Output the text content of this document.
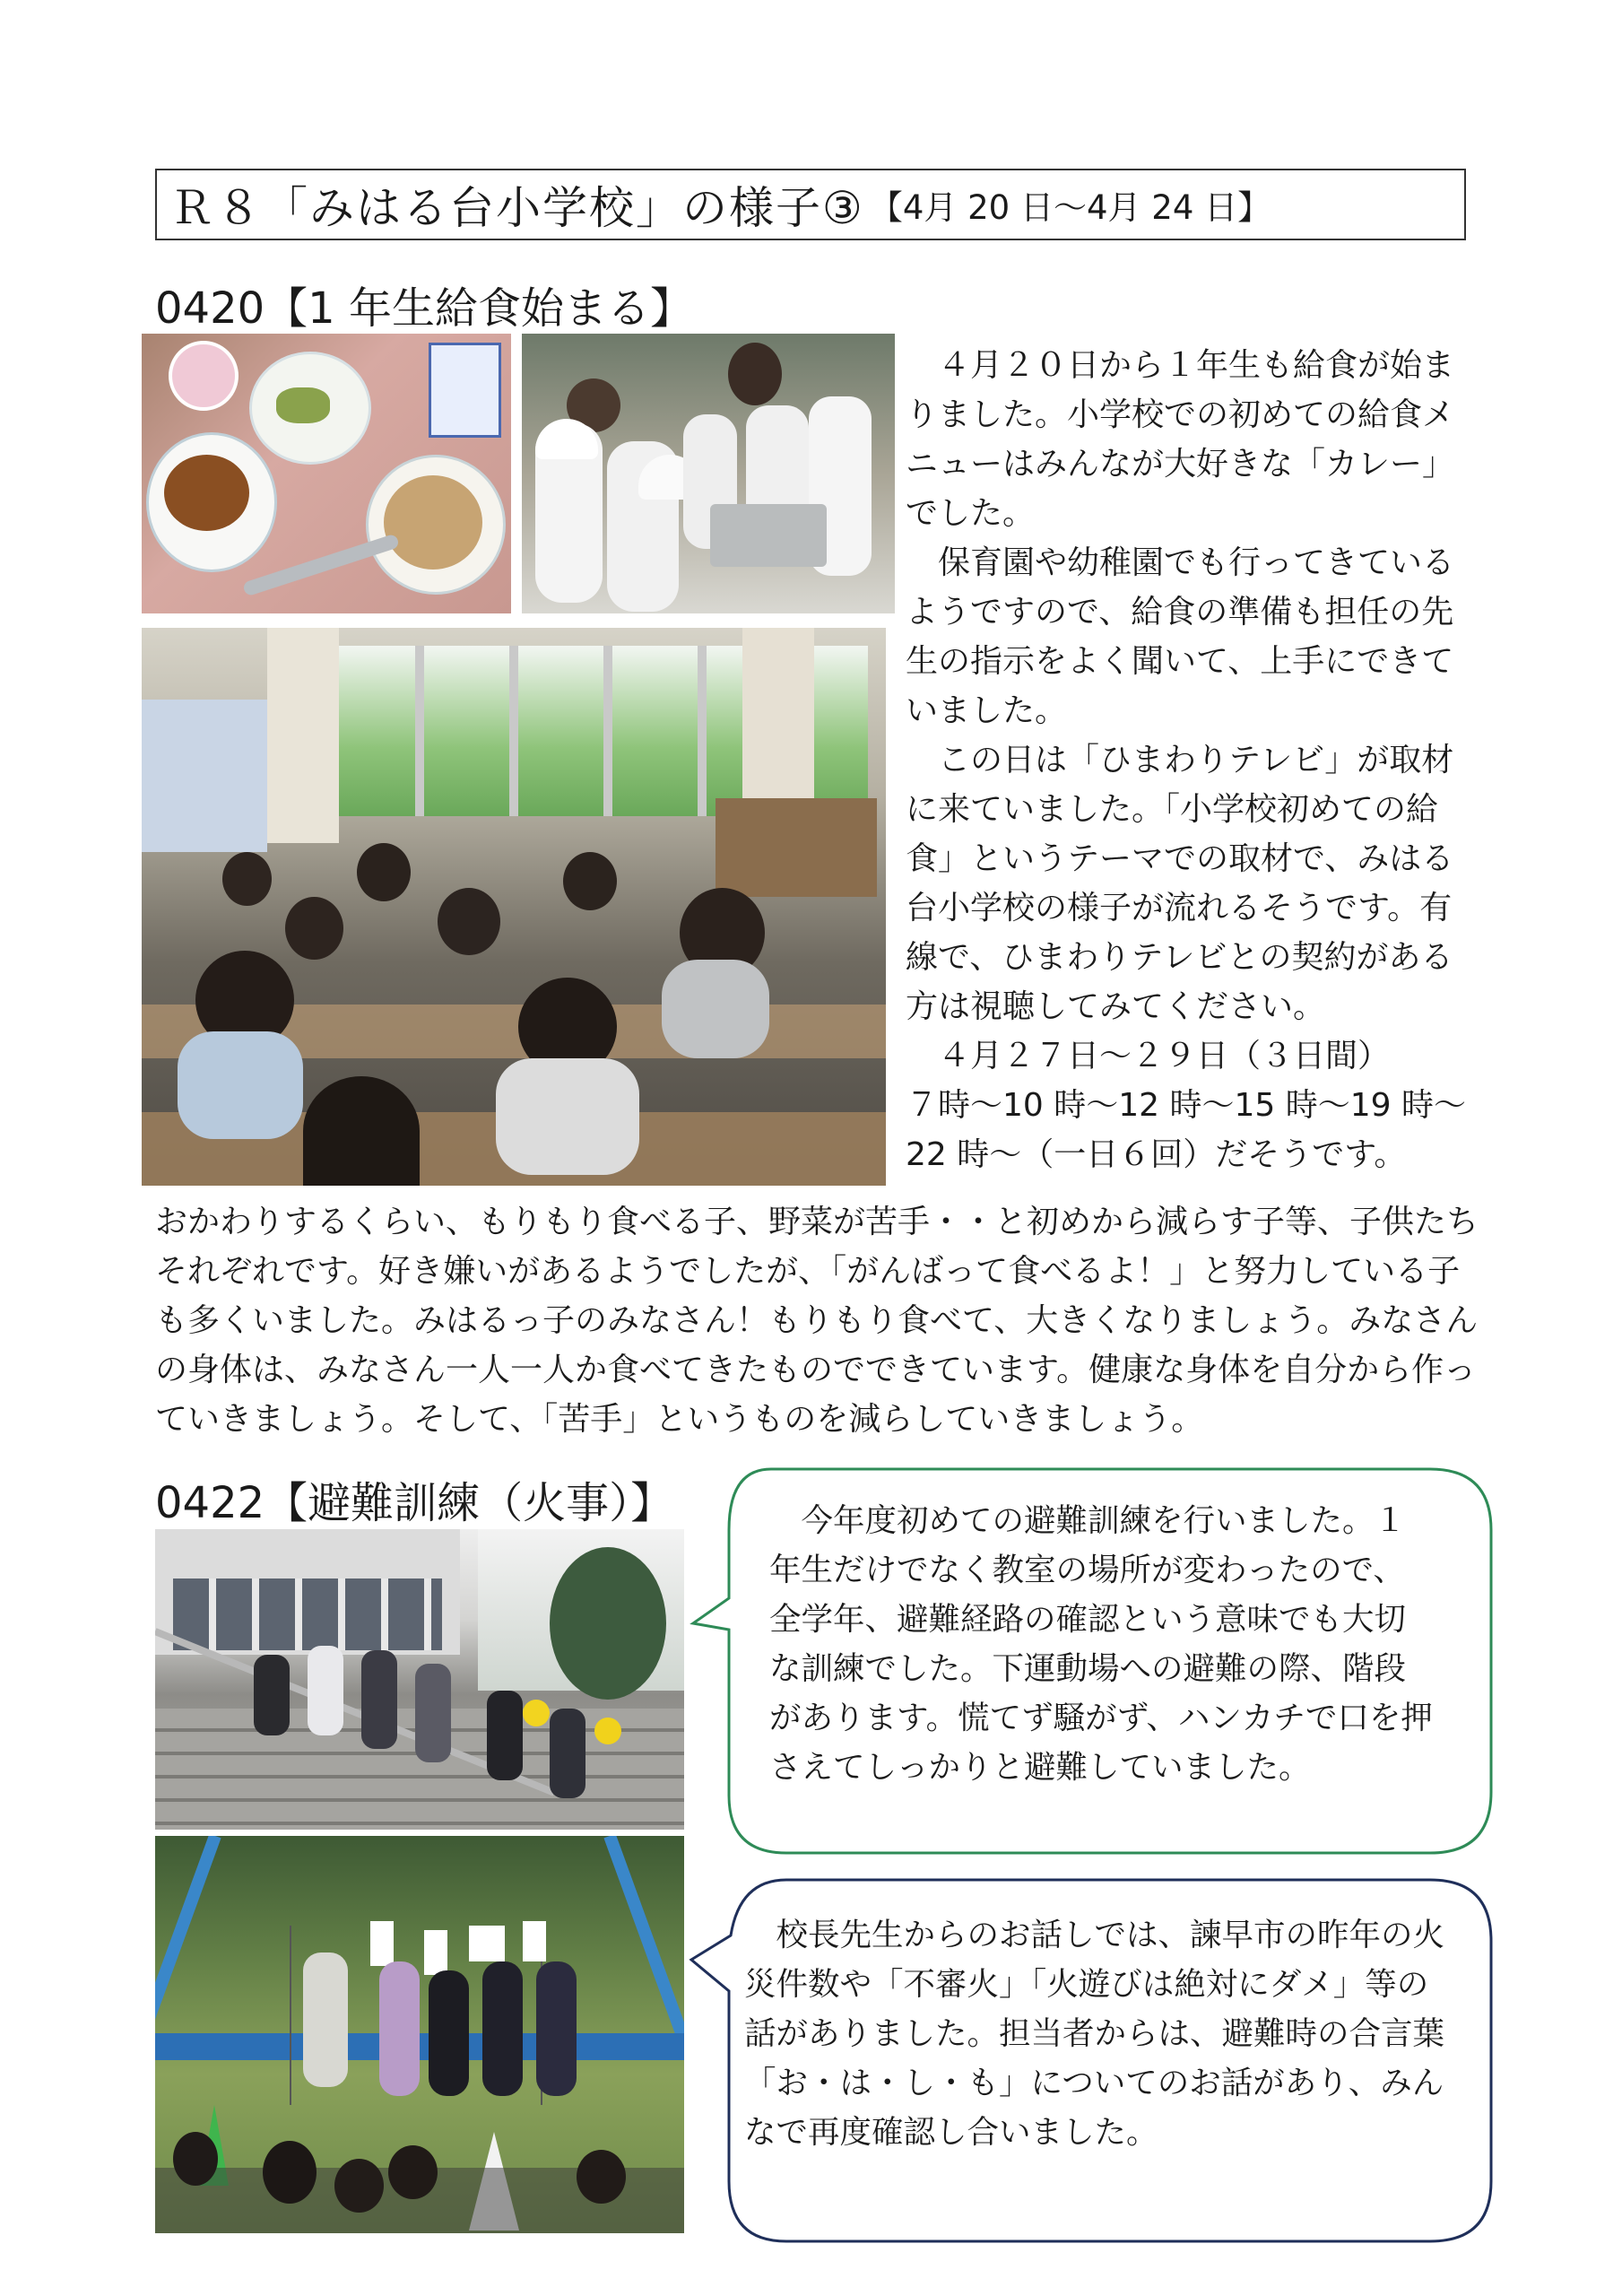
Ｒ８「みはる台小学校」の様子③ 【4月 20 日～4月 24 日】
0420【1 年生給食始まる】

　４月２０日から１年生も給食が始まりました。小学校での初めての給食メニューはみんなが大好きな「カレー」でした。

　保育園や幼稚園でも行ってきているようですので、給食の準備も担任の先生の指示をよく聞いて、上手にできていました。

　この日は「ひまわりテレビ」が取材に来ていました。「小学校初めての給食」というテーマでの取材で、みはる台小学校の様子が流れるそうです。有線で、ひまわりテレビとの契約がある方は視聴してみてください。

　４月２７日～２９日（３日間）

７時～10 時～12 時～15 時～19 時～22 時～（一日６回）だそうです。

おかわりするくらい、もりもり食べる子、野菜が苦手・・と初めから減らす子等、子供たちそれぞれです。好き嫌いがあるようでしたが、「がんばって食べるよ！」と努力している子も多くいました。みはるっ子のみなさん！もりもり食べて、大きくなりましょう。みなさんの身体は、みなさん一人一人か食べてきたものでできています。健康な身体を自分から作っていきましょう。そして、「苦手」というものを減らしていきましょう。
0422【避難訓練（火事）】	　今年度初めての避難訓練を行いました。１年生だけでなく教室の場所が変わったので、全学年、避難経路の確認という意味でも大切な訓練でした。下運動場への避難の際、階段があります。慌てず騒がず、ハンカチで口を押さえてしっかりと避難していました。
　校長先生からのお話しでは、諫早市の昨年の火災件数や「不審火」「火遊びは絶対にダメ」等の話がありました。担当者からは、避難時の合言葉「お・は・し・も」についてのお話があり、みんなで再度確認し合いました。
